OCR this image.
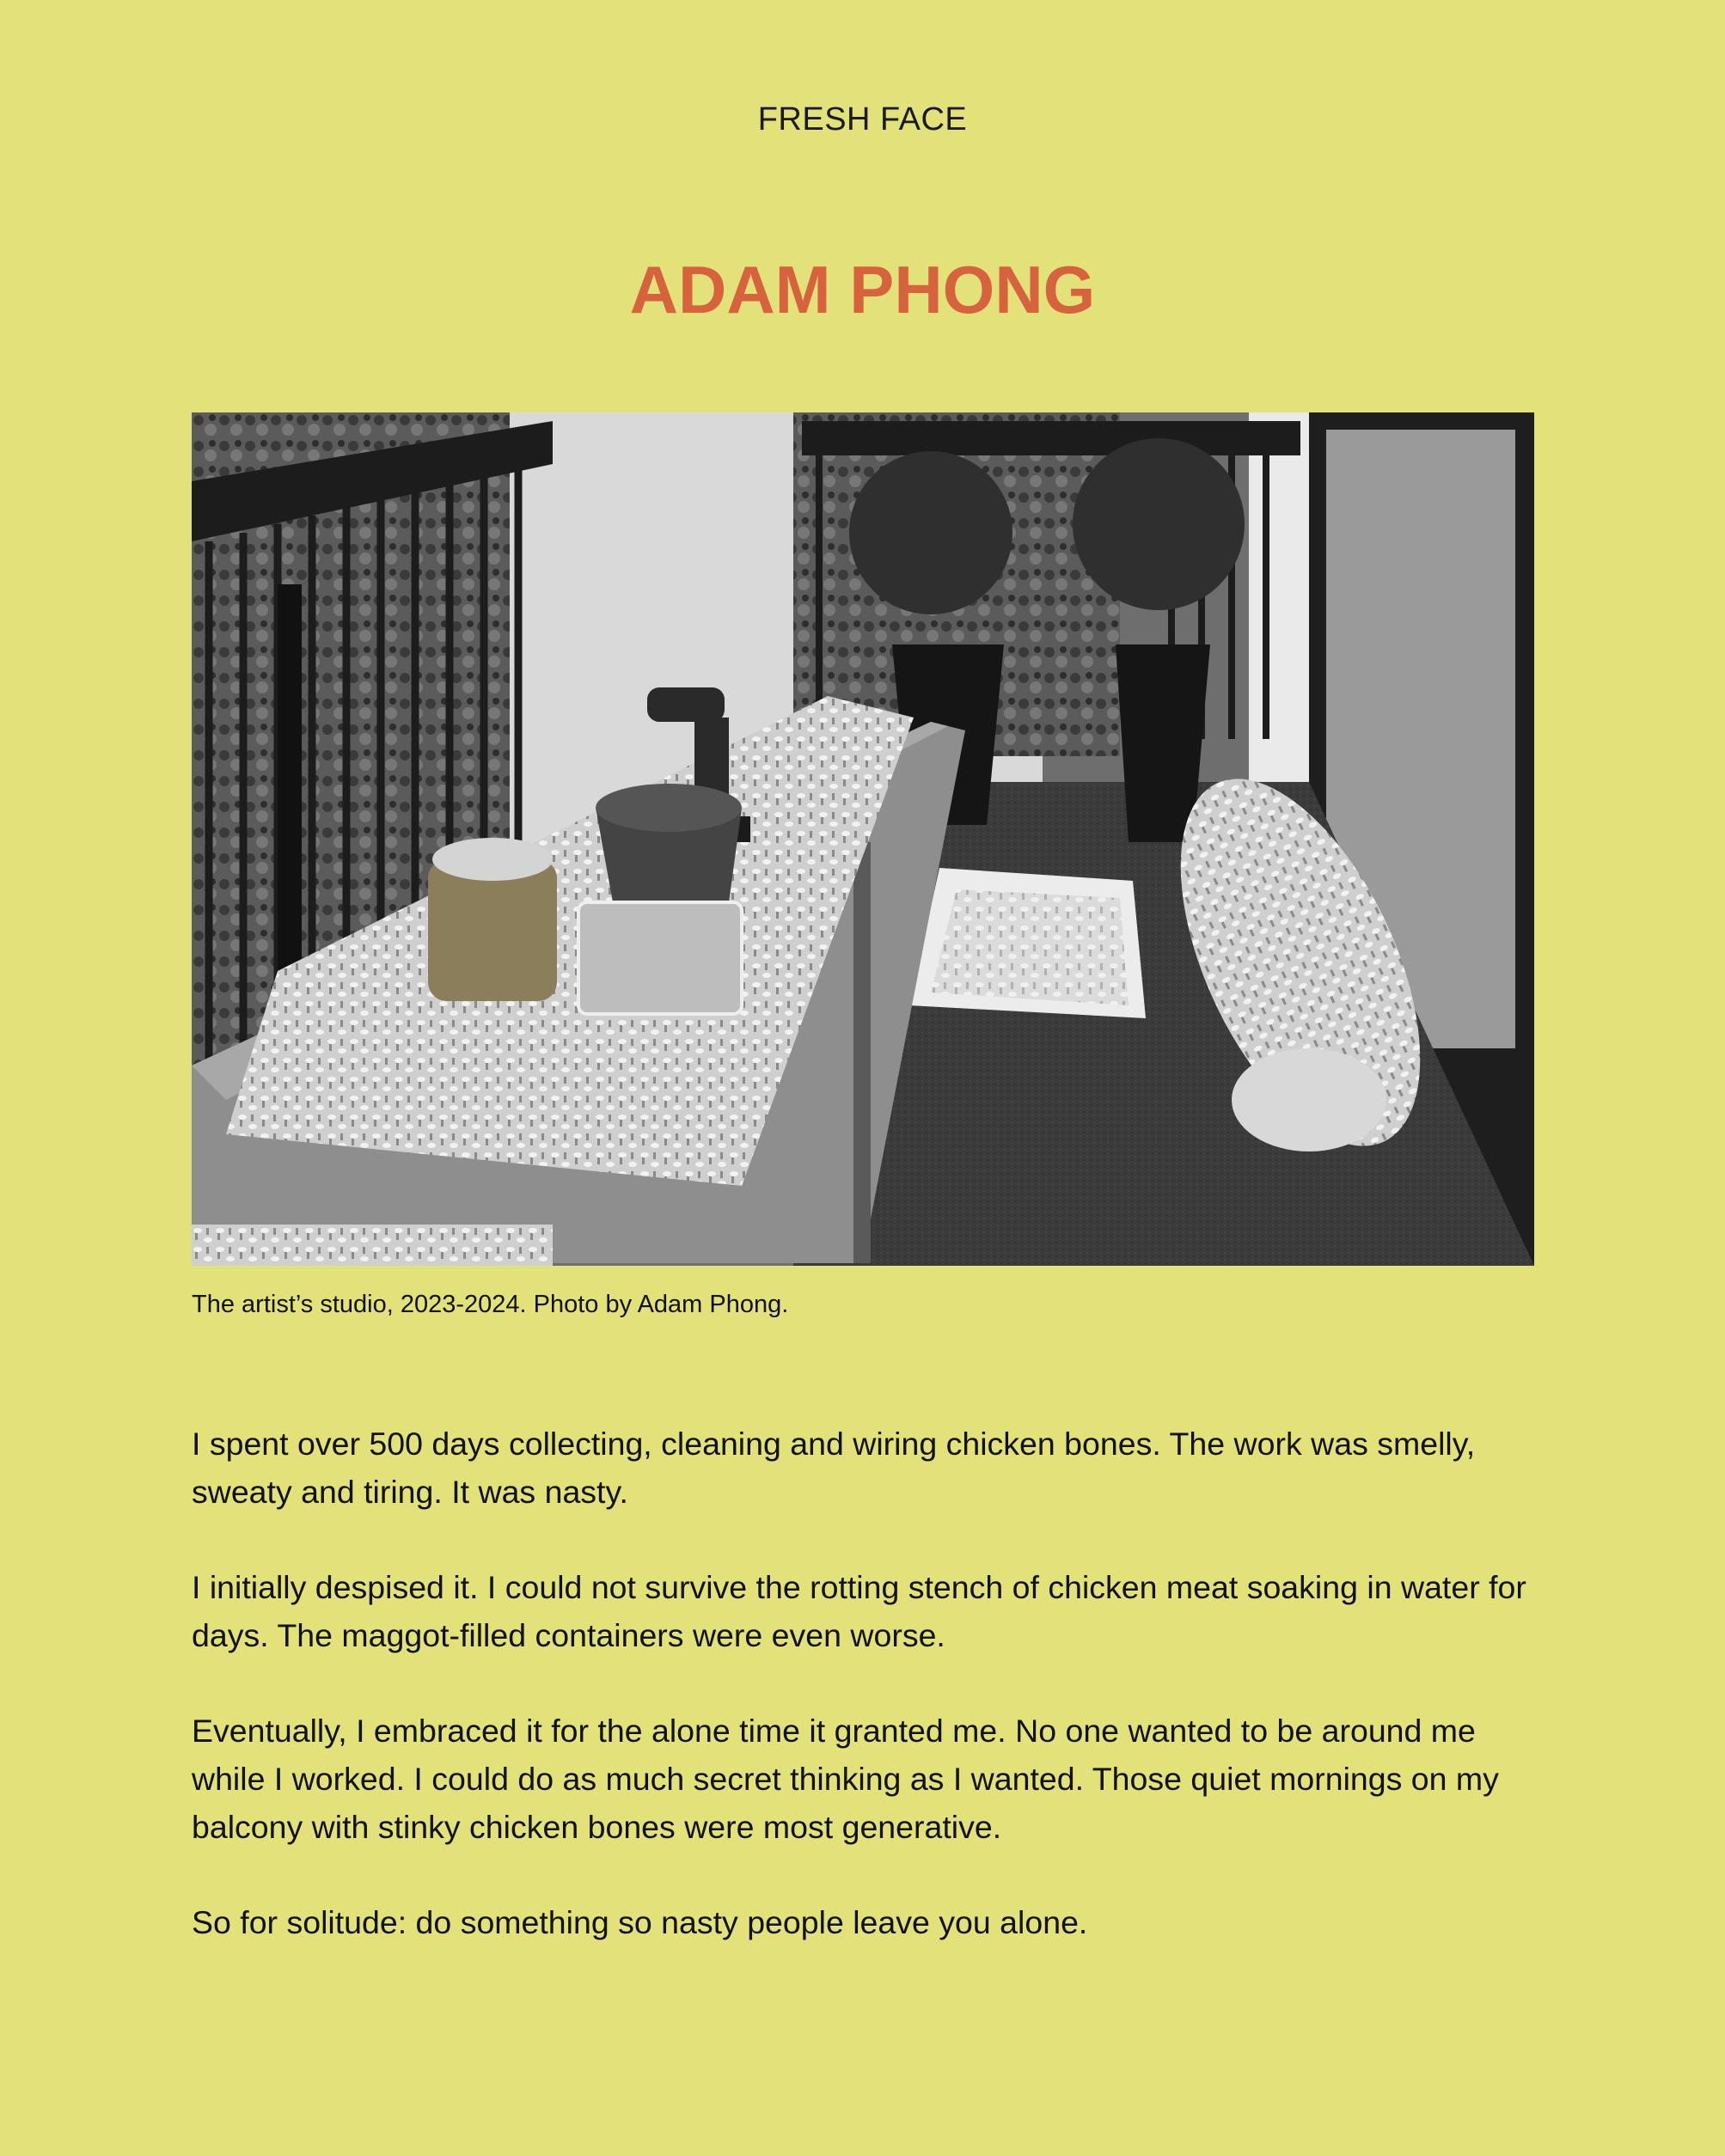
FRESH FACE
ADAM PHONG
The artist’s studio, 2023-2024. Photo by Adam Phong.

I spent over 500 days collecting, cleaning and wiring chicken bones. The work was smelly, sweaty and tiring. It was nasty.

I initially despised it. I could not survive the rotting stench of chicken meat soaking in water for days. The maggot-filled containers were even worse.

Eventually, I embraced it for the alone time it granted me. No one wanted to be around me while I worked. I could do as much secret thinking as I wanted. Those quiet mornings on my balcony with stinky chicken bones were most generative.

So for solitude: do something so nasty people leave you alone.
